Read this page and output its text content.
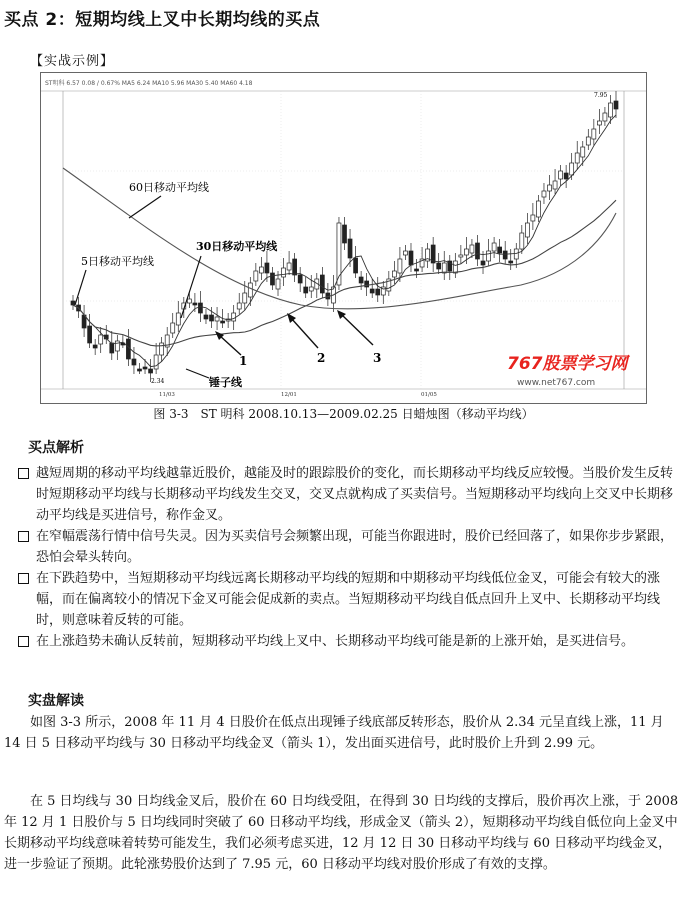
买点 2：短期均线上叉中长期均线的买点
【实战示例】
ST明科 6.57 0.08 / 0.67% MA5 6.24 MA10 5.96 MA30 5.40 MA60 4.18
60日移动平均线
30日移动平均线
5日移动平均线
1	2	3
锤子线
2.34
7.95
11/03	12/01	01/05
767股票学习网
www.net767.com
图 3-3　ST 明科 2008.10.13—2009.02.25 日蜡烛图（移动平均线）
买点解析

越短周期的移动平均线越靠近股价，越能及时的跟踪股价的变化，而长期移动平均线反应较慢。当股价发生反转时短期移动平均线与长期移动平均线发生交叉，交叉点就构成了买卖信号。当短期移动平均线向上交叉中长期移动平均线是买进信号，称作金叉。

在窄幅震荡行情中信号失灵。因为买卖信号会频繁出现，可能当你跟进时，股价已经回落了，如果你步步紧跟，恐怕会晕头转向。

在下跌趋势中，当短期移动平均线远离长期移动平均线的短期和中期移动平均线低位金叉，可能会有较大的涨幅，而在偏离较小的情况下金叉可能会促成新的卖点。当短期移动平均线自低点回升上叉中、长期移动平均线时，则意味着反转的可能。

在上涨趋势未确认反转前，短期移动平均线上叉中、长期移动平均线可能是新的上涨开始，是买进信号。

实盘解读

如图 3-3 所示，2008 年 11 月 4 日股价在低点出现锤子线底部反转形态，股价从 2.34 元呈直线上涨，11 月 14 日 5 日移动平均线与 30 日移动平均线金叉（箭头 1），发出面买进信号，此时股价上升到 2.99 元。

在 5 日均线与 30 日均线金叉后，股价在 60 日均线受阻，在得到 30 日均线的支撑后，股价再次上涨，于 2008 年 12 月 1 日股价与 5 日均线同时突破了 60 日移动平均线，形成金叉（箭头 2），短期移动平均线自低位向上金叉中长期移动平均线意味着转势可能发生，我们必须考虑买进，12 月 12 日 30 日移动平均线与 60 日移动平均线金叉，进一步验证了预期。此轮涨势股价达到了 7.95 元，60 日移动平均线对股价形成了有效的支撑。
